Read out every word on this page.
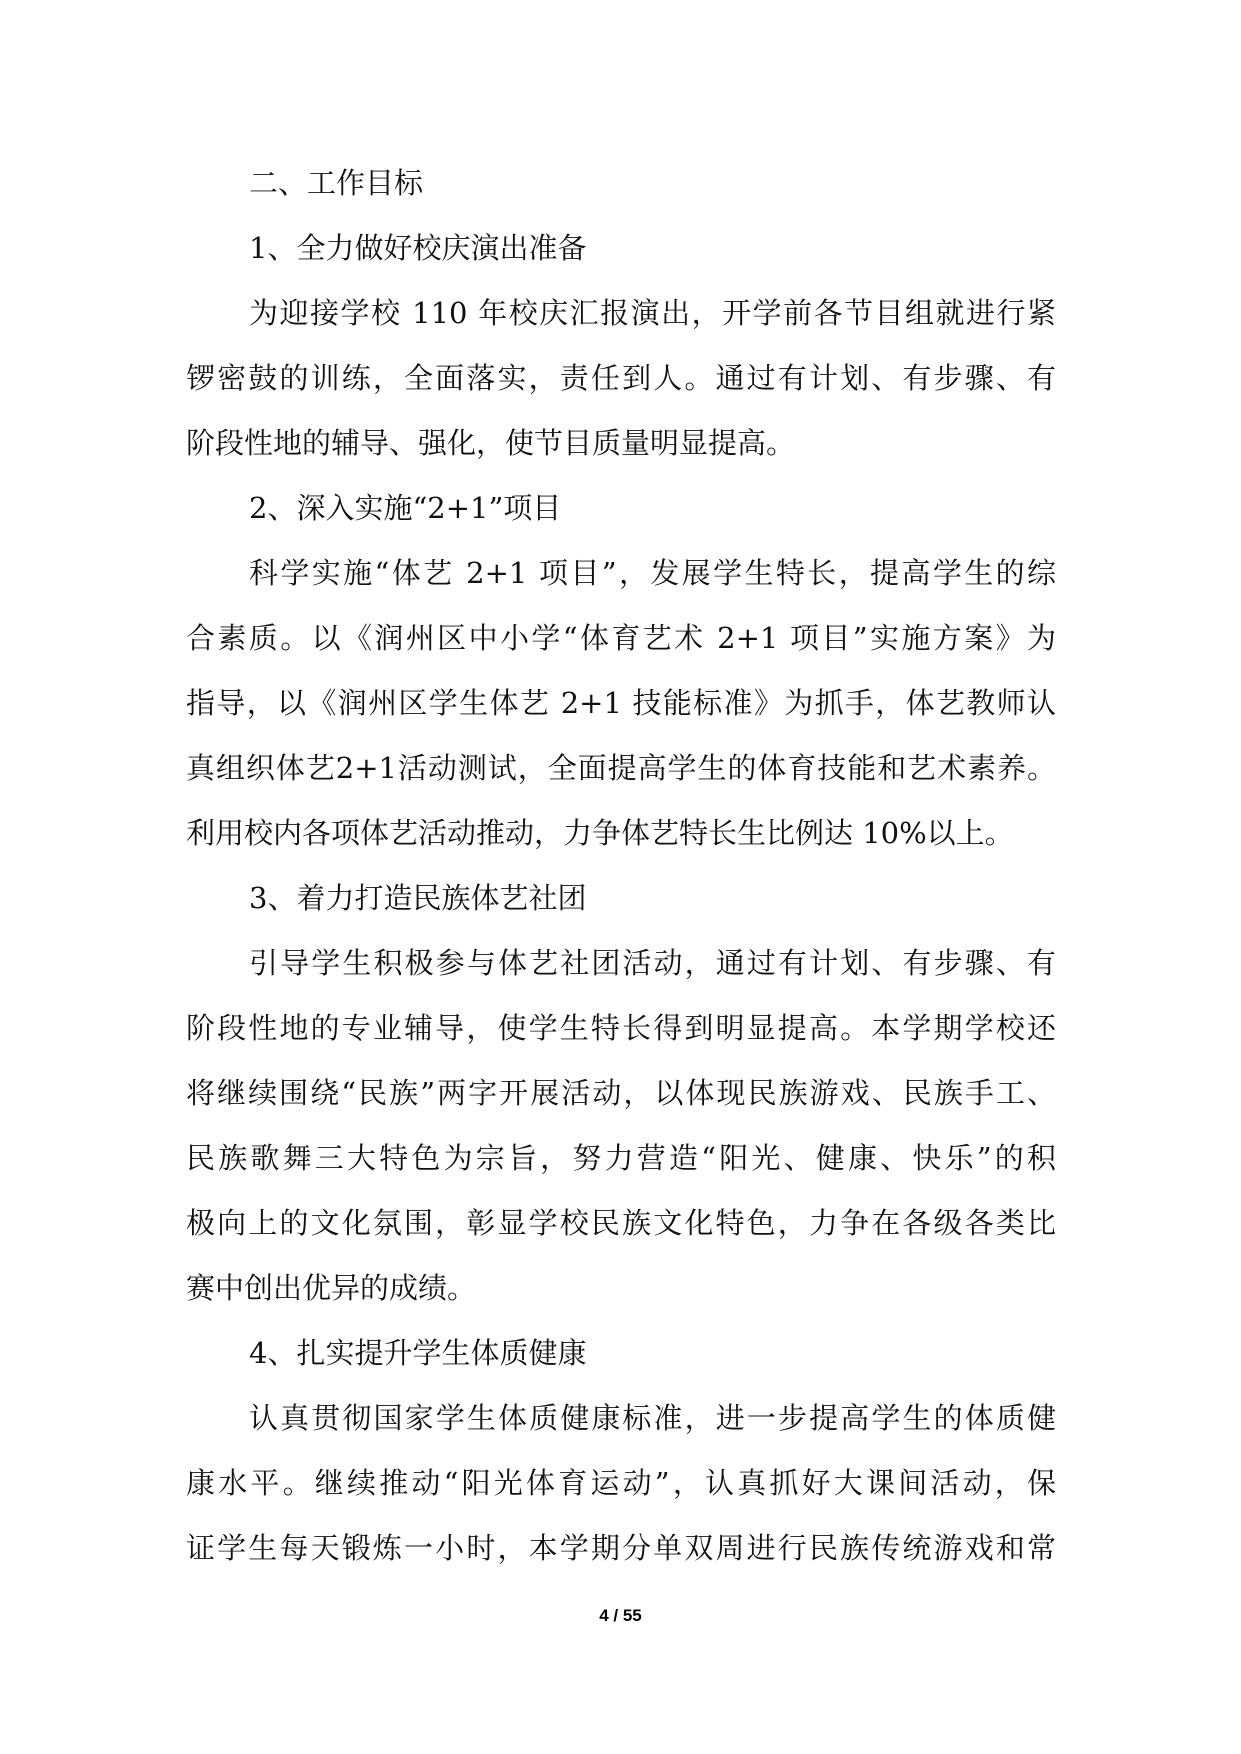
二、工作目标
1、全力做好校庆演出准备
为迎接学校 110 年校庆汇报演出，开学前各节目组就进行紧
锣密鼓的训练，全面落实，责任到人。通过有计划、有步骤、有
阶段性地的辅导、强化，使节目质量明显提高。
2、深入实施“2+1”项目
科学实施“体艺 2+1 项目”，发展学生特长，提高学生的综
合素质。以《润州区中小学“体育艺术 2+1 项目”实施方案》为
指导，以《润州区学生体艺 2+1 技能标准》为抓手，体艺教师认
真组织体艺2+1活动测试，全面提高学生的体育技能和艺术素养。
利用校内各项体艺活动推动，力争体艺特长生比例达 10%以上。
3、着力打造民族体艺社团
引导学生积极参与体艺社团活动，通过有计划、有步骤、有
阶段性地的专业辅导，使学生特长得到明显提高。本学期学校还
将继续围绕“民族”两字开展活动，以体现民族游戏、民族手工、
民族歌舞三大特色为宗旨，努力营造“阳光、健康、快乐”的积
极向上的文化氛围，彰显学校民族文化特色，力争在各级各类比
赛中创出优异的成绩。
4、扎实提升学生体质健康
认真贯彻国家学生体质健康标准，进一步提高学生的体质健
康水平。继续推动“阳光体育运动”，认真抓好大课间活动，保
证学生每天锻炼一小时，本学期分单双周进行民族传统游戏和常
4 / 55
